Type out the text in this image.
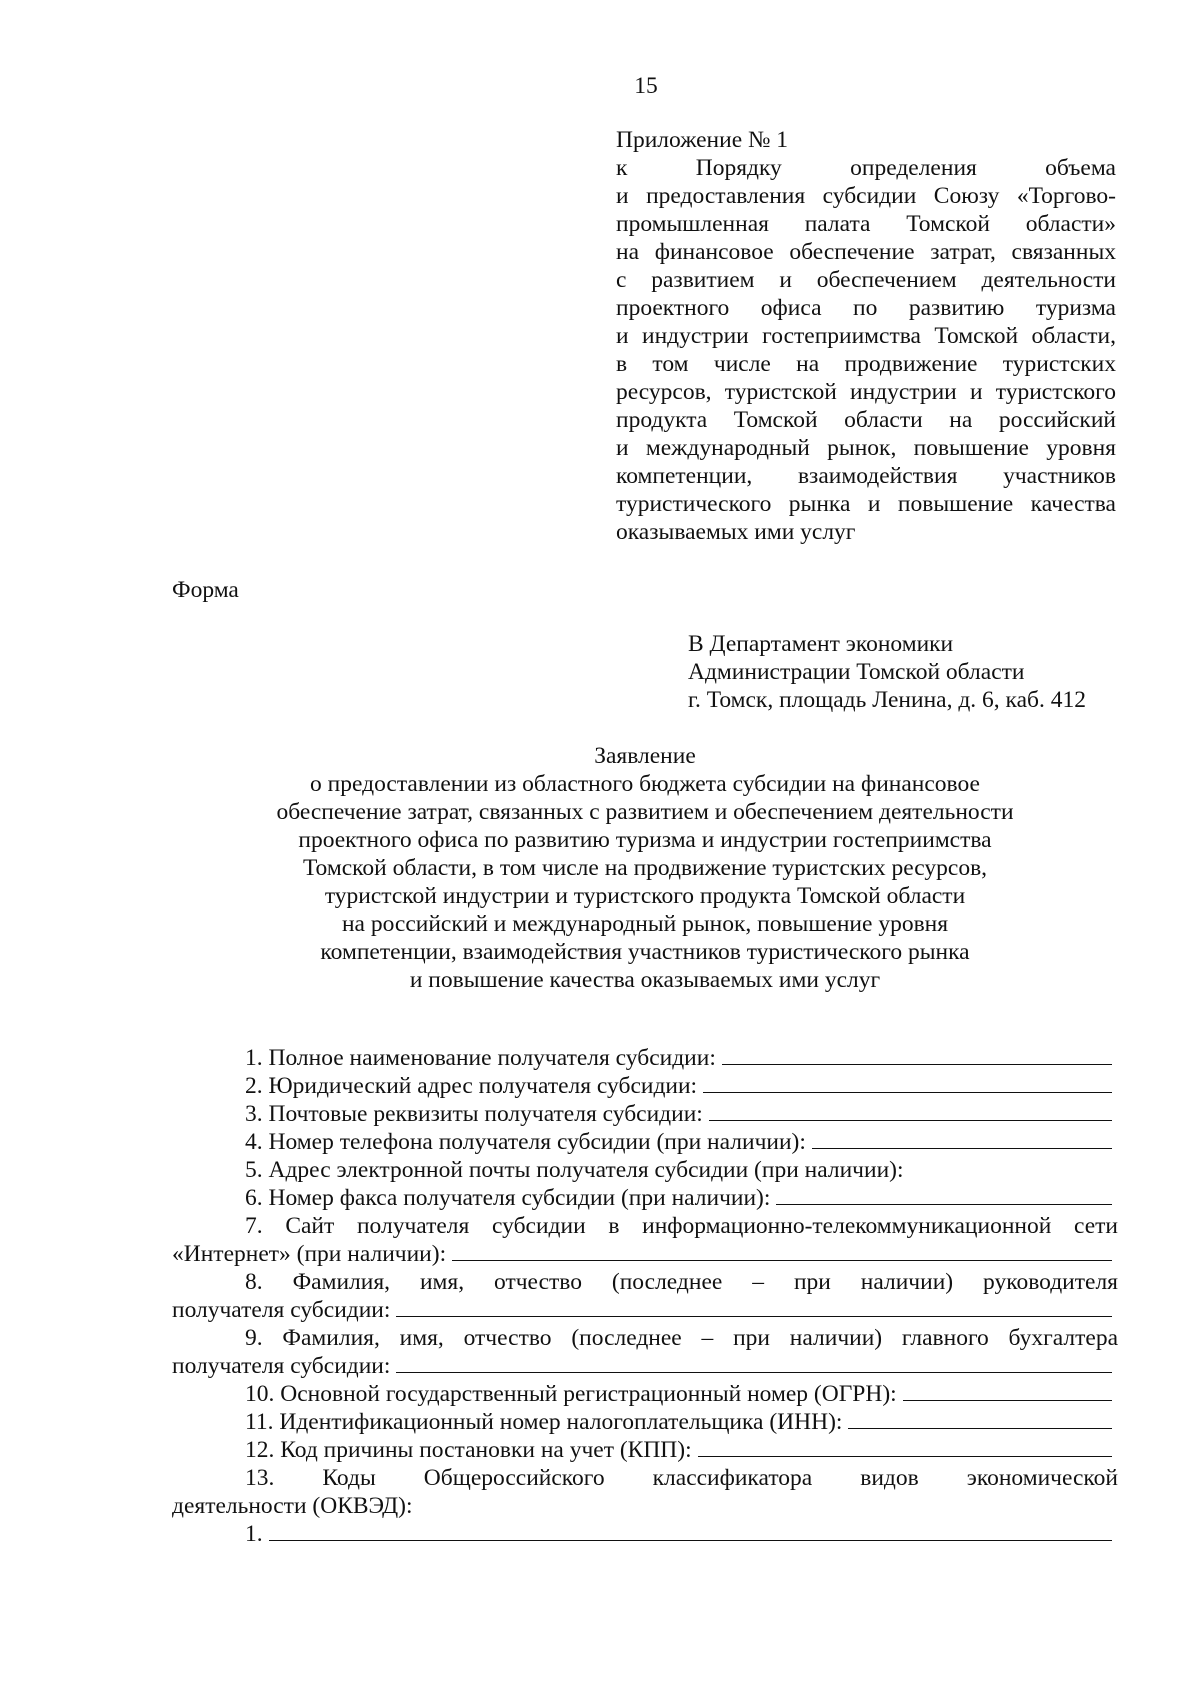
15
Приложение № 1
к Порядку определения объема
и предоставления субсидии Союзу «Торгово-
промышленная палата Томской области»
на финансовое обеспечение затрат, связанных
с развитием и обеспечением деятельности
проектного офиса по развитию туризма
и индустрии гостеприимства Томской области,
в том числе на продвижение туристских
ресурсов, туристской индустрии и туристского
продукта Томской области на российский
и международный рынок, повышение уровня
компетенции, взаимодействия участников
туристического рынка и повышение качества
оказываемых ими услуг
Форма
В Департамент экономики
Администрации Томской области
г. Томск, площадь Ленина, д. 6, каб. 412
Заявление
о предоставлении из областного бюджета субсидии на финансовое
обеспечение затрат, связанных с развитием и обеспечением деятельности
проектного офиса по развитию туризма и индустрии гостеприимства
Томской области, в том числе на продвижение туристских ресурсов,
туристской индустрии и туристского продукта Томской области
на российский и международный рынок, повышение уровня
компетенции, взаимодействия участников туристического рынка
и повышение качества оказываемых ими услуг
1. Полное наименование получателя субсидии:
2. Юридический адрес получателя субсидии:
3. Почтовые реквизиты получателя субсидии:
4. Номер телефона получателя субсидии (при наличии):
5. Адрес электронной почты получателя субсидии (при наличии):
6. Номер факса получателя субсидии (при наличии):
7. Сайт получателя субсидии в информационно-телекоммуникационной сети
«Интернет» (при наличии):
8. Фамилия, имя, отчество (последнее – при наличии) руководителя
получателя субсидии:
9. Фамилия, имя, отчество (последнее – при наличии) главного бухгалтера
получателя субсидии:
10. Основной государственный регистрационный номер (ОГРН):
11. Идентификационный номер налогоплательщика (ИНН):
12. Код причины постановки на учет (КПП):
13. Коды Общероссийского классификатора видов экономической
деятельности (ОКВЭД):
1.
